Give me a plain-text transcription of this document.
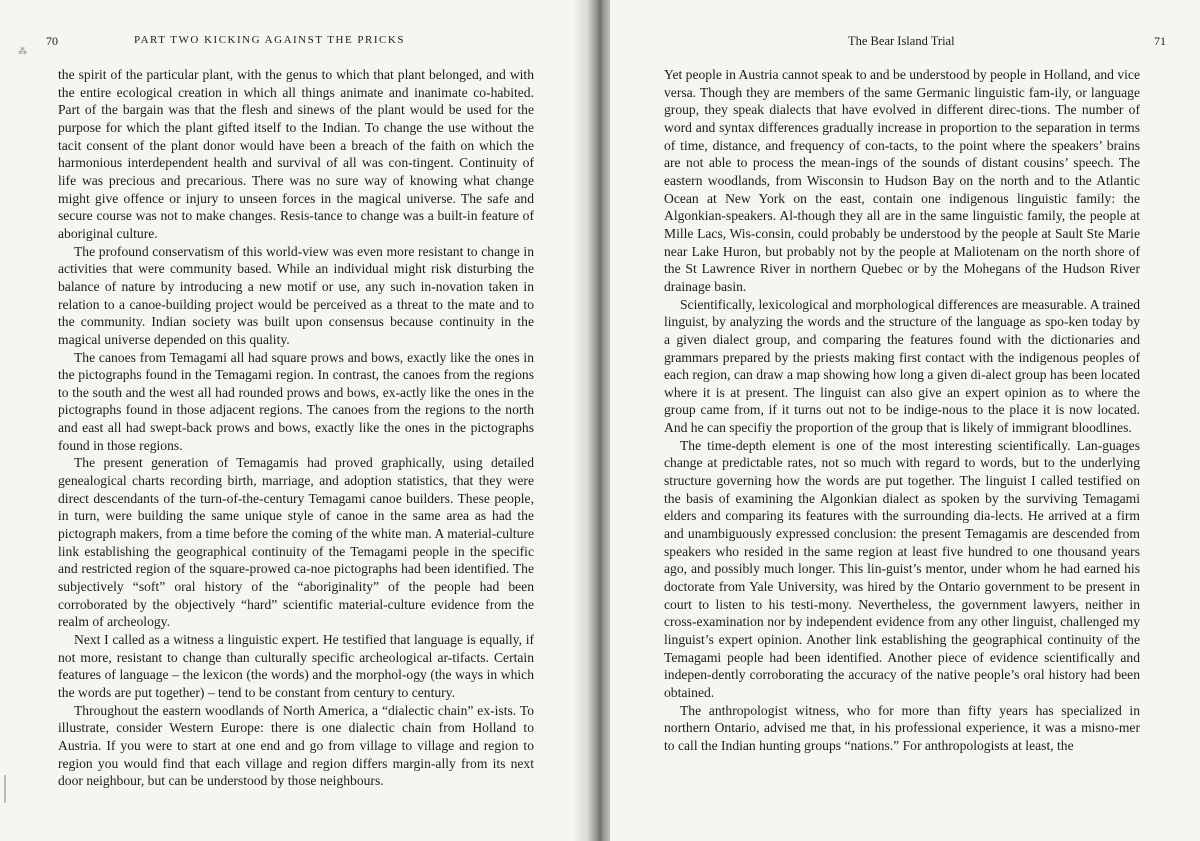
⁂
70	PART TWO KICKING AGAINST THE PRICKS

the spirit of the particular plant, with the genus to which that plant belonged, and with the entire ecological creation in which all things animate and inanimate co-habited. Part of the bargain was that the flesh and sinews of the plant would be used for the purpose for which the plant gifted itself to the Indian. To change the use without the tacit consent of the plant donor would have been a breach of the faith on which the harmonious interdependent health and survival of all was con-tingent. Continuity of life was precious and precarious. There was no sure way of knowing what change might give offence or injury to unseen forces in the magical universe. The safe and secure course was not to make changes. Resis-tance to change was a built-in feature of aboriginal culture.

The profound conservatism of this world-view was even more resistant to change in activities that were community based. While an individual might risk disturbing the balance of nature by introducing a new motif or use, any such in-novation taken in relation to a canoe-building project would be perceived as a threat to the mate and to the community. Indian society was built upon consensus because continuity in the magical universe depended on this quality.

The canoes from Temagami all had square prows and bows, exactly like the ones in the pictographs found in the Temagami region. In contrast, the canoes from the regions to the south and the west all had rounded prows and bows, ex-actly like the ones in the pictographs found in those adjacent regions. The canoes from the regions to the north and east all had swept-back prows and bows, exactly like the ones in the pictographs found in those regions.

The present generation of Temagamis had proved graphically, using detailed genealogical charts recording birth, marriage, and adoption statistics, that they were direct descendants of the turn-of-the-century Temagami canoe builders. These people, in turn, were building the same unique style of canoe in the same area as had the pictograph makers, from a time before the coming of the white man. A material-culture link establishing the geographical continuity of the Temagami people in the specific and restricted region of the square-prowed ca-noe pictographs had been identified. The subjectively “soft” oral history of the “aboriginality” of the people had been corroborated by the objectively “hard” scientific material-culture evidence from the realm of archeology.

Next I called as a witness a linguistic expert. He testified that language is equally, if not more, resistant to change than culturally specific archeological ar-tifacts. Certain features of language – the lexicon (the words) and the morphol-ogy (the ways in which the words are put together) – tend to be constant from century to century.

Throughout the eastern woodlands of North America, a “dialectic chain” ex-ists. To illustrate, consider Western Europe: there is one dialectic chain from Holland to Austria. If you were to start at one end and go from village to village and region to region you would find that each village and region differs margin-ally from its next door neighbour, but can be understood by those neighbours.

The Bear Island Trial	71

Yet people in Austria cannot speak to and be understood by people in Holland, and vice versa. Though they are members of the same Germanic linguistic fam-ily, or language group, they speak dialects that have evolved in different direc-tions. The number of word and syntax differences gradually increase in proportion to the separation in terms of time, distance, and frequency of con-tacts, to the point where the speakers’ brains are not able to process the mean-ings of the sounds of distant cousins’ speech. The eastern woodlands, from Wisconsin to Hudson Bay on the north and to the Atlantic Ocean at New York on the east, contain one indigenous linguistic family: the Algonkian-speakers. Al-though they all are in the same linguistic family, the people at Mille Lacs, Wis-consin, could probably be understood by the people at Sault Ste Marie near Lake Huron, but probably not by the people at Maliotenam on the north shore of the St Lawrence River in northern Quebec or by the Mohegans of the Hudson River drainage basin.

Scientifically, lexicological and morphological differences are measurable. A trained linguist, by analyzing the words and the structure of the language as spo-ken today by a given dialect group, and comparing the features found with the dictionaries and grammars prepared by the priests making first contact with the indigenous peoples of each region, can draw a map showing how long a given di-alect group has been located where it is at present. The linguist can also give an expert opinion as to where the group came from, if it turns out not to be indige-nous to the place it is now located. And he can specifiy the proportion of the group that is likely of immigrant bloodlines.

The time-depth element is one of the most interesting scientifically. Lan-guages change at predictable rates, not so much with regard to words, but to the underlying structure governing how the words are put together. The linguist I called testified on the basis of examining the Algonkian dialect as spoken by the surviving Temagami elders and comparing its features with the surrounding dia-lects. He arrived at a firm and unambiguously expressed conclusion: the present Temagamis are descended from speakers who resided in the same region at least five hundred to one thousand years ago, and possibly much longer. This lin-guist’s mentor, under whom he had earned his doctorate from Yale University, was hired by the Ontario government to be present in court to listen to his testi-mony. Nevertheless, the government lawyers, neither in cross-examination nor by independent evidence from any other linguist, challenged my linguist’s expert opinion. Another link establishing the geographical continuity of the Temagami people had been identified. Another piece of evidence scientifically and indepen-dently corroborating the accuracy of the native people’s oral history had been obtained.

The anthropologist witness, who for more than fifty years has specialized in northern Ontario, advised me that, in his professional experience, it was a misno-mer to call the Indian hunting groups “nations.” For anthropologists at least, the
